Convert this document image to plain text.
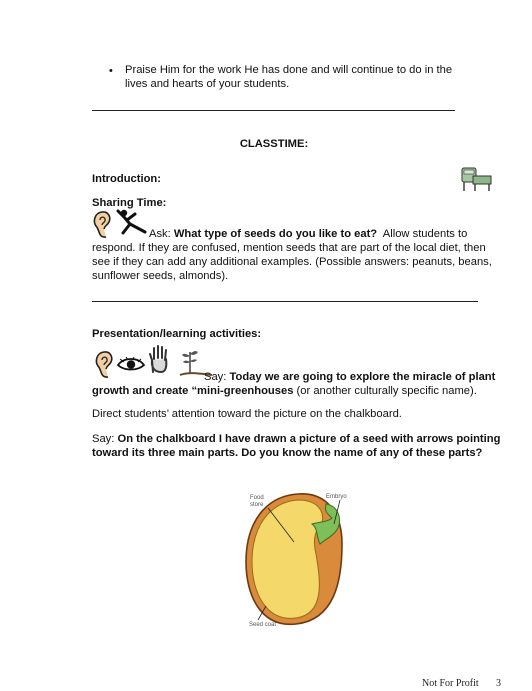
• Praise Him for the work He has done and will continue to do in the lives and hearts of your students.
CLASSTIME:
Introduction:
Sharing Time:
Ask: What type of seeds do you like to eat? Allow students to respond. If they are confused, mention seeds that are part of the local diet, then see if they can add any additional examples. (Possible answers: peanuts, beans, sunflower seeds, almonds).
Presentation/learning activities:
Say: Today we are going to explore the miracle of plant growth and create “mini-greenhouses (or another culturally specific name).
Direct students’ attention toward the picture on the chalkboard.
Say: On the chalkboard I have drawn a picture of a seed with arrows pointing toward its three main parts. Do you know the name of any of these parts?
Food
store
Embryo
Seed coat
Not For Profit 3
